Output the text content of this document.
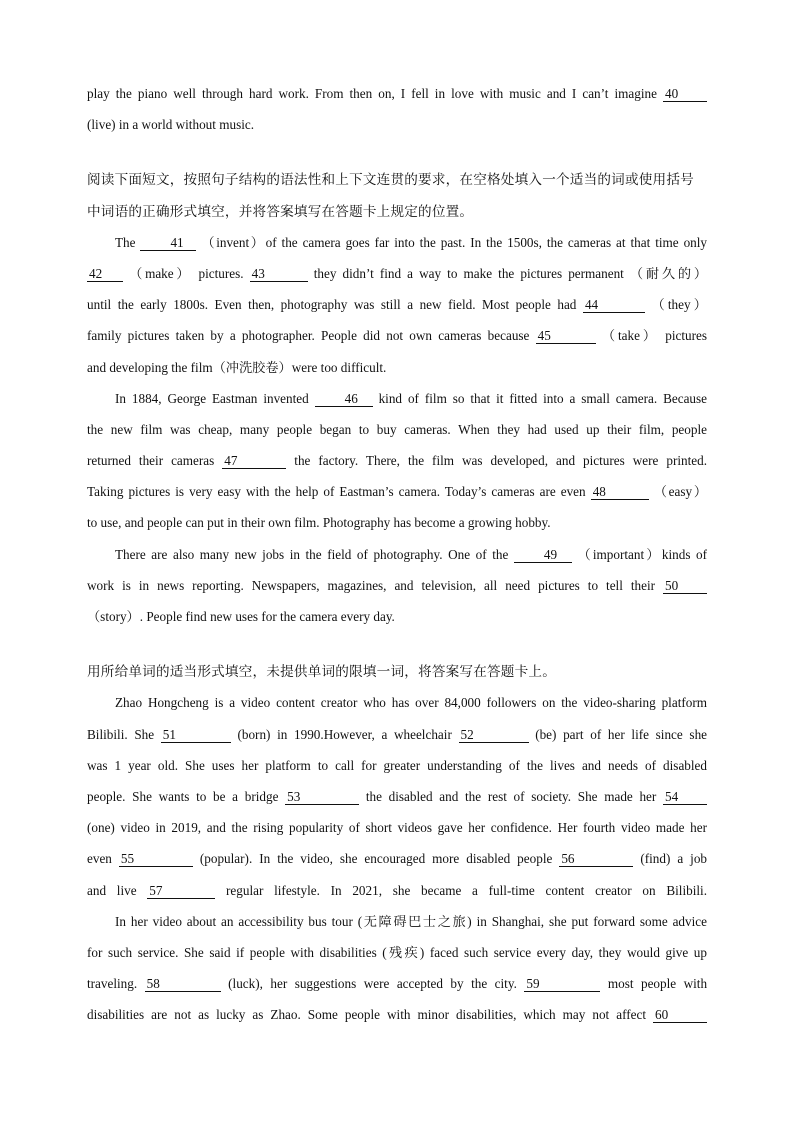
play the piano well through hard work. From then on, I fell in love with music and I can’t imagine 40
(live) in a world without music.
阅读下面短文，按照句子结构的语法性和上下文连贯的要求，在空格处填入一个适当的词或使用括号
中词语的正确形式填空，并将答案填写在答题卡上规定的位置。
The	41 （invent）of the camera goes far into the past. In the 1500s, the cameras at that time only
42 （make） pictures. 43	they didn’t find a way to make the pictures permanent （耐久的）
until the early 1800s. Even then, photography was still a new field. Most people had 44	（they）
family pictures taken by a photographer. People did not own cameras because 45	（take） pictures
and developing the film（冲洗胶卷）were too difficult.
In 1884, George Eastman invented	46 kind of film so that it fitted into a small camera. Because
the new film was cheap, many people began to buy cameras. When they had used up their film, people
returned their cameras 47	the factory. There, the film was developed, and pictures were printed.
Taking pictures is very easy with the help of Eastman’s camera. Today’s cameras are even 48	（easy）
to use, and people can put in their own film. Photography has become a growing hobby.
There are also many new jobs in the field of photography. One of the	49 （important）kinds of
work is in news reporting. Newspapers, magazines, and television, all need pictures to tell their 50
（story）. People find new uses for the camera every day.
用所给单词的适当形式填空，未提供单词的限填一词，将答案写在答题卡上。
Zhao Hongcheng is a video content creator who has over 84,000 followers on the video-sharing platform
Bilibili. She 51	(born) in 1990.However, a wheelchair 52	(be) part of her life since she
was 1 year old. She uses her platform to call for greater understanding of the lives and needs of disabled
people. She wants to be a bridge 53	the disabled and the rest of society. She made her 54
(one) video in 2019, and the rising popularity of short videos gave her confidence. Her fourth video made her
even 55	(popular). In the video, she encouraged more disabled people 56	(find) a job
and live 57	regular lifestyle. In 2021, she became a full-time content creator on Bilibili.
In her video about an accessibility bus tour (无障碍巴士之旅) in Shanghai, she put forward some advice
for such service. She said if people with disabilities (残疾) faced such service every day, they would give up
traveling. 58	(luck), her suggestions were accepted by the city. 59	most people with
disabilities are not as lucky as Zhao. Some people with minor disabilities, which may not affect 60
